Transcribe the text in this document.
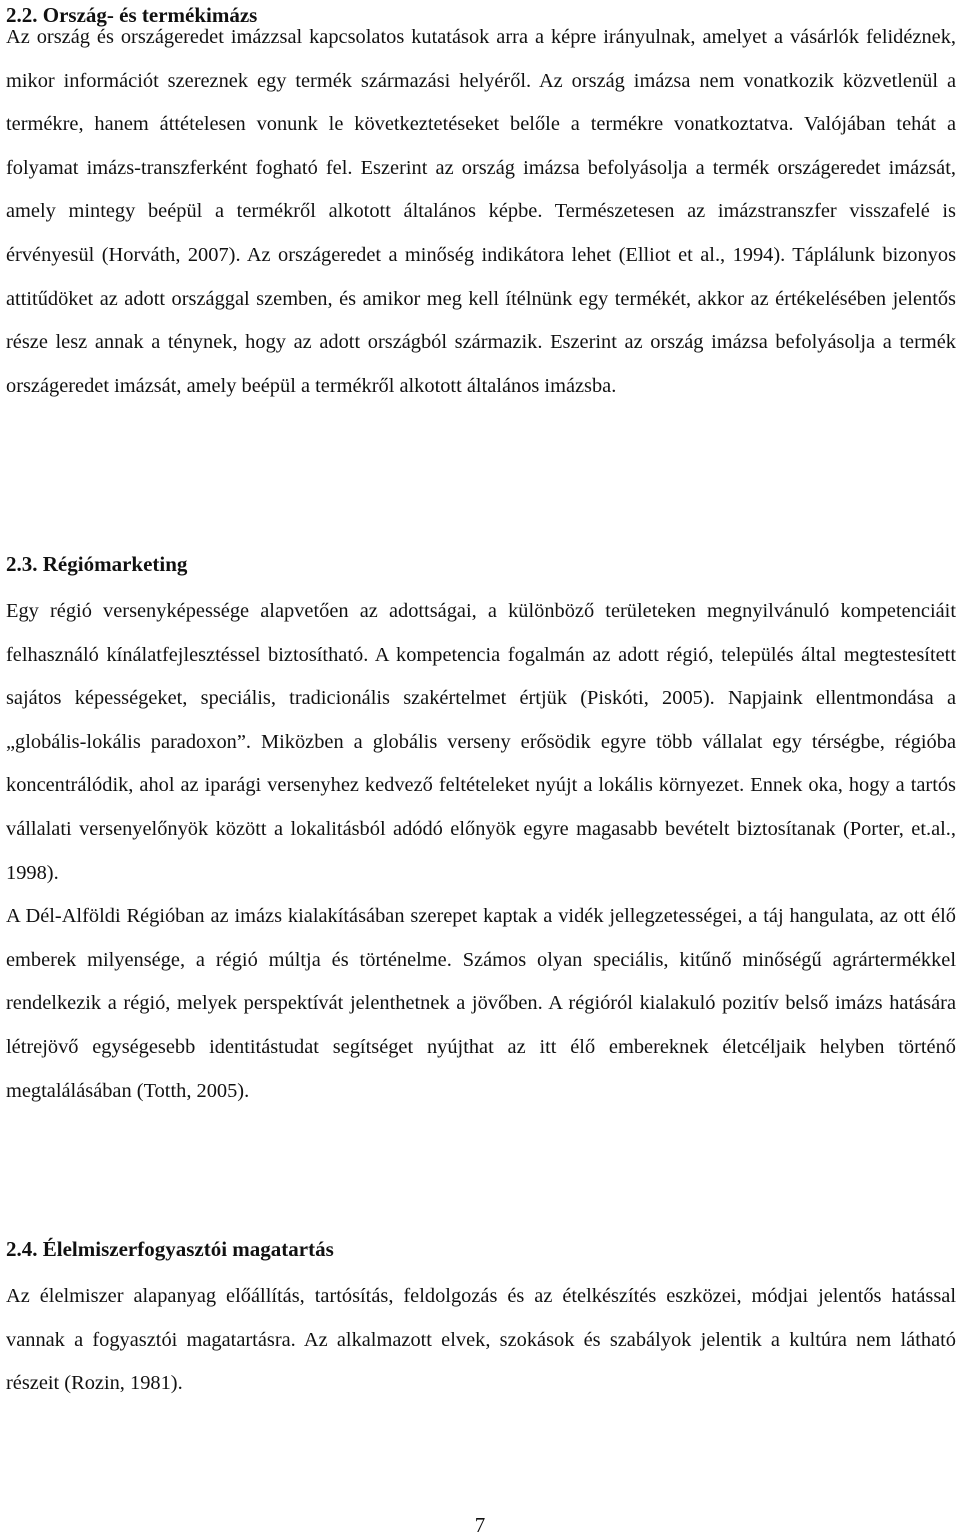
2.2. Ország- és termékimázs

Az ország és országeredet imázzsal kapcsolatos kutatások arra a képre irányulnak, amelyet a vásárlók felidéznek, mikor információt szereznek egy termék származási helyéről. Az ország imázsa nem vonatkozik közvetlenül a termékre, hanem áttételesen vonunk le következtetéseket belőle a termékre vonatkoztatva. Valójában tehát a folyamat imázs-transzferként fogható fel. Eszerint az ország imázsa befolyásolja a termék országeredet imázsát, amely mintegy beépül a termékről alkotott általános képbe. Természetesen az imázstranszfer visszafelé is érvényesül (Horváth, 2007). Az országeredet a minőség indikátora lehet (Elliot et al., 1994). Táplálunk bizonyos attitűdöket az adott országgal szemben, és amikor meg kell ítélnünk egy termékét, akkor az értékelésében jelentős része lesz annak a ténynek, hogy az adott országból származik. Eszerint az ország imázsa befolyásolja a termék országeredet imázsát, amely beépül a termékről alkotott általános imázsba.

2.3. Régiómarketing

Egy régió versenyképessége alapvetően az adottságai, a különböző területeken megnyilvánuló kompetenciáit felhasználó kínálatfejlesztéssel biztosítható. A kompetencia fogalmán az adott régió, település által megtestesített sajátos képességeket, speciális, tradicionális szakértelmet értjük (Piskóti, 2005). Napjaink ellentmondása a „globális-lokális paradoxon”. Miközben a globális verseny erősödik egyre több vállalat egy térségbe, régióba koncentrálódik, ahol az iparági versenyhez kedvező feltételeket nyújt a lokális környezet. Ennek oka, hogy a tartós vállalati versenyelőnyök között a lokalitásból adódó előnyök egyre magasabb bevételt biztosítanak (Porter, et.al., 1998).

A Dél-Alföldi Régióban az imázs kialakításában szerepet kaptak a vidék jellegzetességei, a táj hangulata, az ott élő emberek milyensége, a régió múltja és történelme. Számos olyan speciális, kitűnő minőségű agrártermékkel rendelkezik a régió, melyek perspektívát jelenthetnek a jövőben. A régióról kialakuló pozitív belső imázs hatására létrejövő egységesebb identitástudat segítséget nyújthat az itt élő embereknek életcéljaik helyben történő megtalálásában (Totth, 2005).

2.4. Élelmiszerfogyasztói magatartás

Az élelmiszer alapanyag előállítás, tartósítás, feldolgozás és az ételkészítés eszközei, módjai jelentős hatással vannak a fogyasztói magatartásra. Az alkalmazott elvek, szokások és szabályok jelentik a kultúra nem látható részeit (Rozin, 1981).

7
